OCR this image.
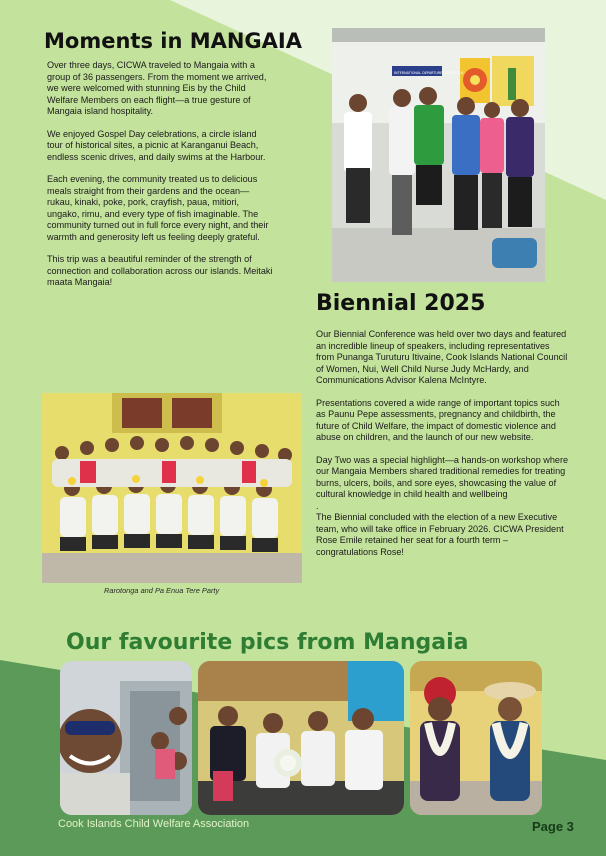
Moments in MANGAIA

Over three days, CICWA traveled to Mangaia with a group of 36 passengers. From the moment we arrived, we were welcomed with stunning Eis by the Child Welfare Members on each flight—a true gesture of Mangaia island hospitality.

We enjoyed Gospel Day celebrations, a circle island tour of historical sites, a picnic at Karanganui Beach, endless scenic drives, and daily swims at the Harbour.

Each evening, the community treated us to delicious meals straight from their gardens and the ocean—rukau, kinaki, poke, pork, crayfish, paua, mitiori, ungako, rimu, and every type of fish imaginable. The community turned out in full force every night, and their warmth and generosity left us feeling deeply grateful.

This trip was a beautiful reminder of the strength of connection and collaboration across our islands. Meitaki maata Mangaia!

INTERNATIONAL DEPARTURES GATES 1-8
Biennial 2025

Our Biennial Conference was held over two days and featured an incredible lineup of speakers, including representatives from Punanga Turuturu Itivaine, Cook Islands National Council of Women, Nui, Well Child Nurse Judy McHardy, and Communications Advisor Kalena McIntyre.

Presentations covered a wide range of important topics such as Paunu Pepe assessments, pregnancy and childbirth, the future of Child Welfare, the impact of domestic violence and abuse on children, and the launch of our new website.

Day Two was a special highlight—a hands-on workshop where our Mangaia Members shared traditional remedies for treating burns, ulcers, boils, and sore eyes, showcasing the value of cultural knowledge in child health and wellbeing

.

The Biennial concluded with the election of a new Executive team, who will take office in February 2026. CICWA President Rose Emile retained her seat for a fourth term – congratulations Rose!

Rarotonga and Pa Enua Tere Party
Our favourite pics from Mangaia
Cook Islands Child Welfare Association	Page 3
